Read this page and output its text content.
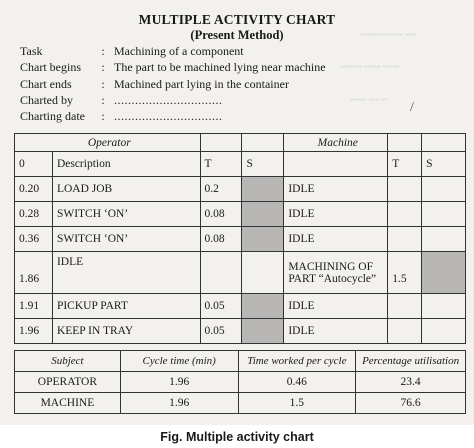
~~ ~~~~~~~~
~~~ ~~~ ~~~~
~ ~~ ~~~ /
MULTIPLE ACTIVITY CHART
(Present Method)
Task	: Machining of a component
Chart begins	: The part to be machined lying near machine
Chart ends	: Machined part lying in the container
Charted by	: ...............................
Charting date	: ...............................
Operator				Machine		
0	Description	T	S		T	S
0.20	LOAD JOB	0.2		IDLE		
0.28	SWITCH ‘ON’	0.08		IDLE		
0.36	SWITCH ‘ON’	0.08		IDLE		
1.86	IDLE			MACHINING OF
PART “Autocycle”	1.5	
1.91	PICKUP PART	0.05		IDLE		
1.96	KEEP IN TRAY	0.05		IDLE		
Subject	Cycle time (min)	Time worked per cycle	Percentage utilisation
OPERATOR	1.96	0.46	23.4
MACHINE	1.96	1.5	76.6
Fig. Multiple activity chart
